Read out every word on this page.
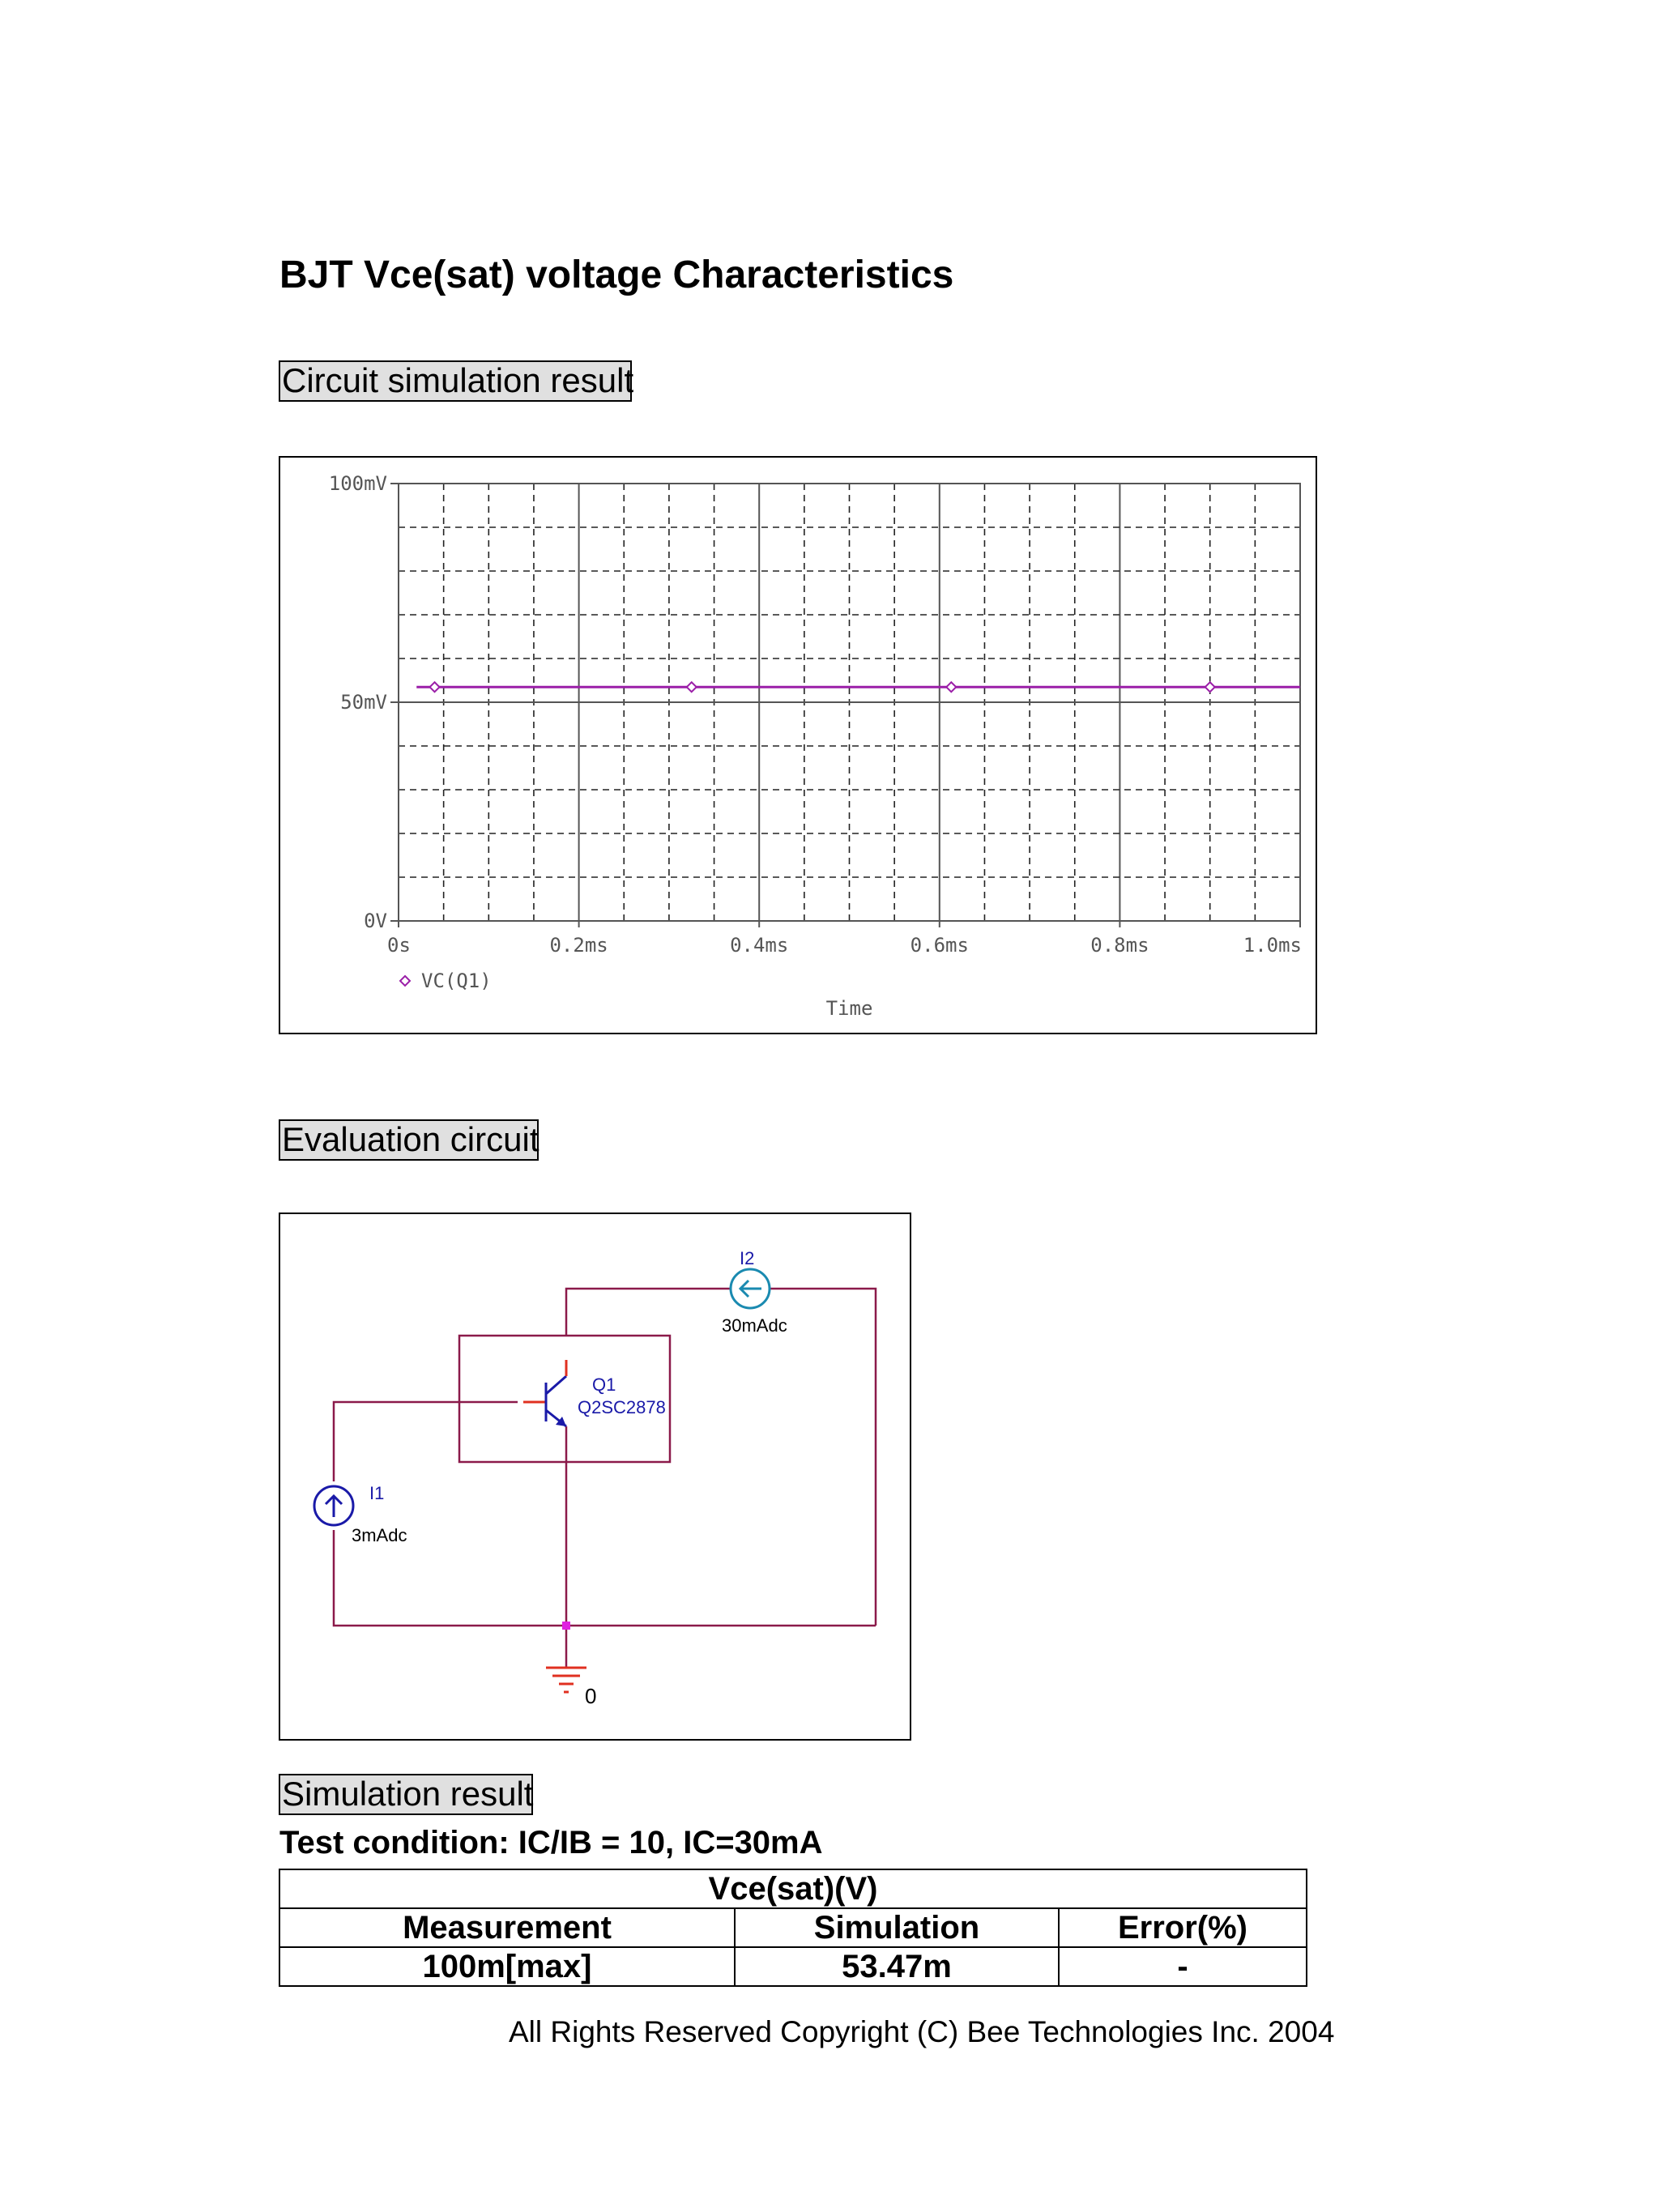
BJT Vce(sat) voltage Characteristics
Circuit simulation result
0V
50mV
100mV
0s	0.2ms	0.4ms	0.6ms	0.8ms	1.0ms
VC(Q1)
Time
Evaluation circuit
I2
30mAdc
Q1
Q2SC2878
I1
3mAdc
0
Simulation result
Test condition: IC/IB = 10, IC=30mA
Vce(sat)(V)		
Measurement	Simulation	Error(%)
100m[max]	53.47m	-
All Rights Reserved Copyright (C) Bee Technologies Inc. 2004
